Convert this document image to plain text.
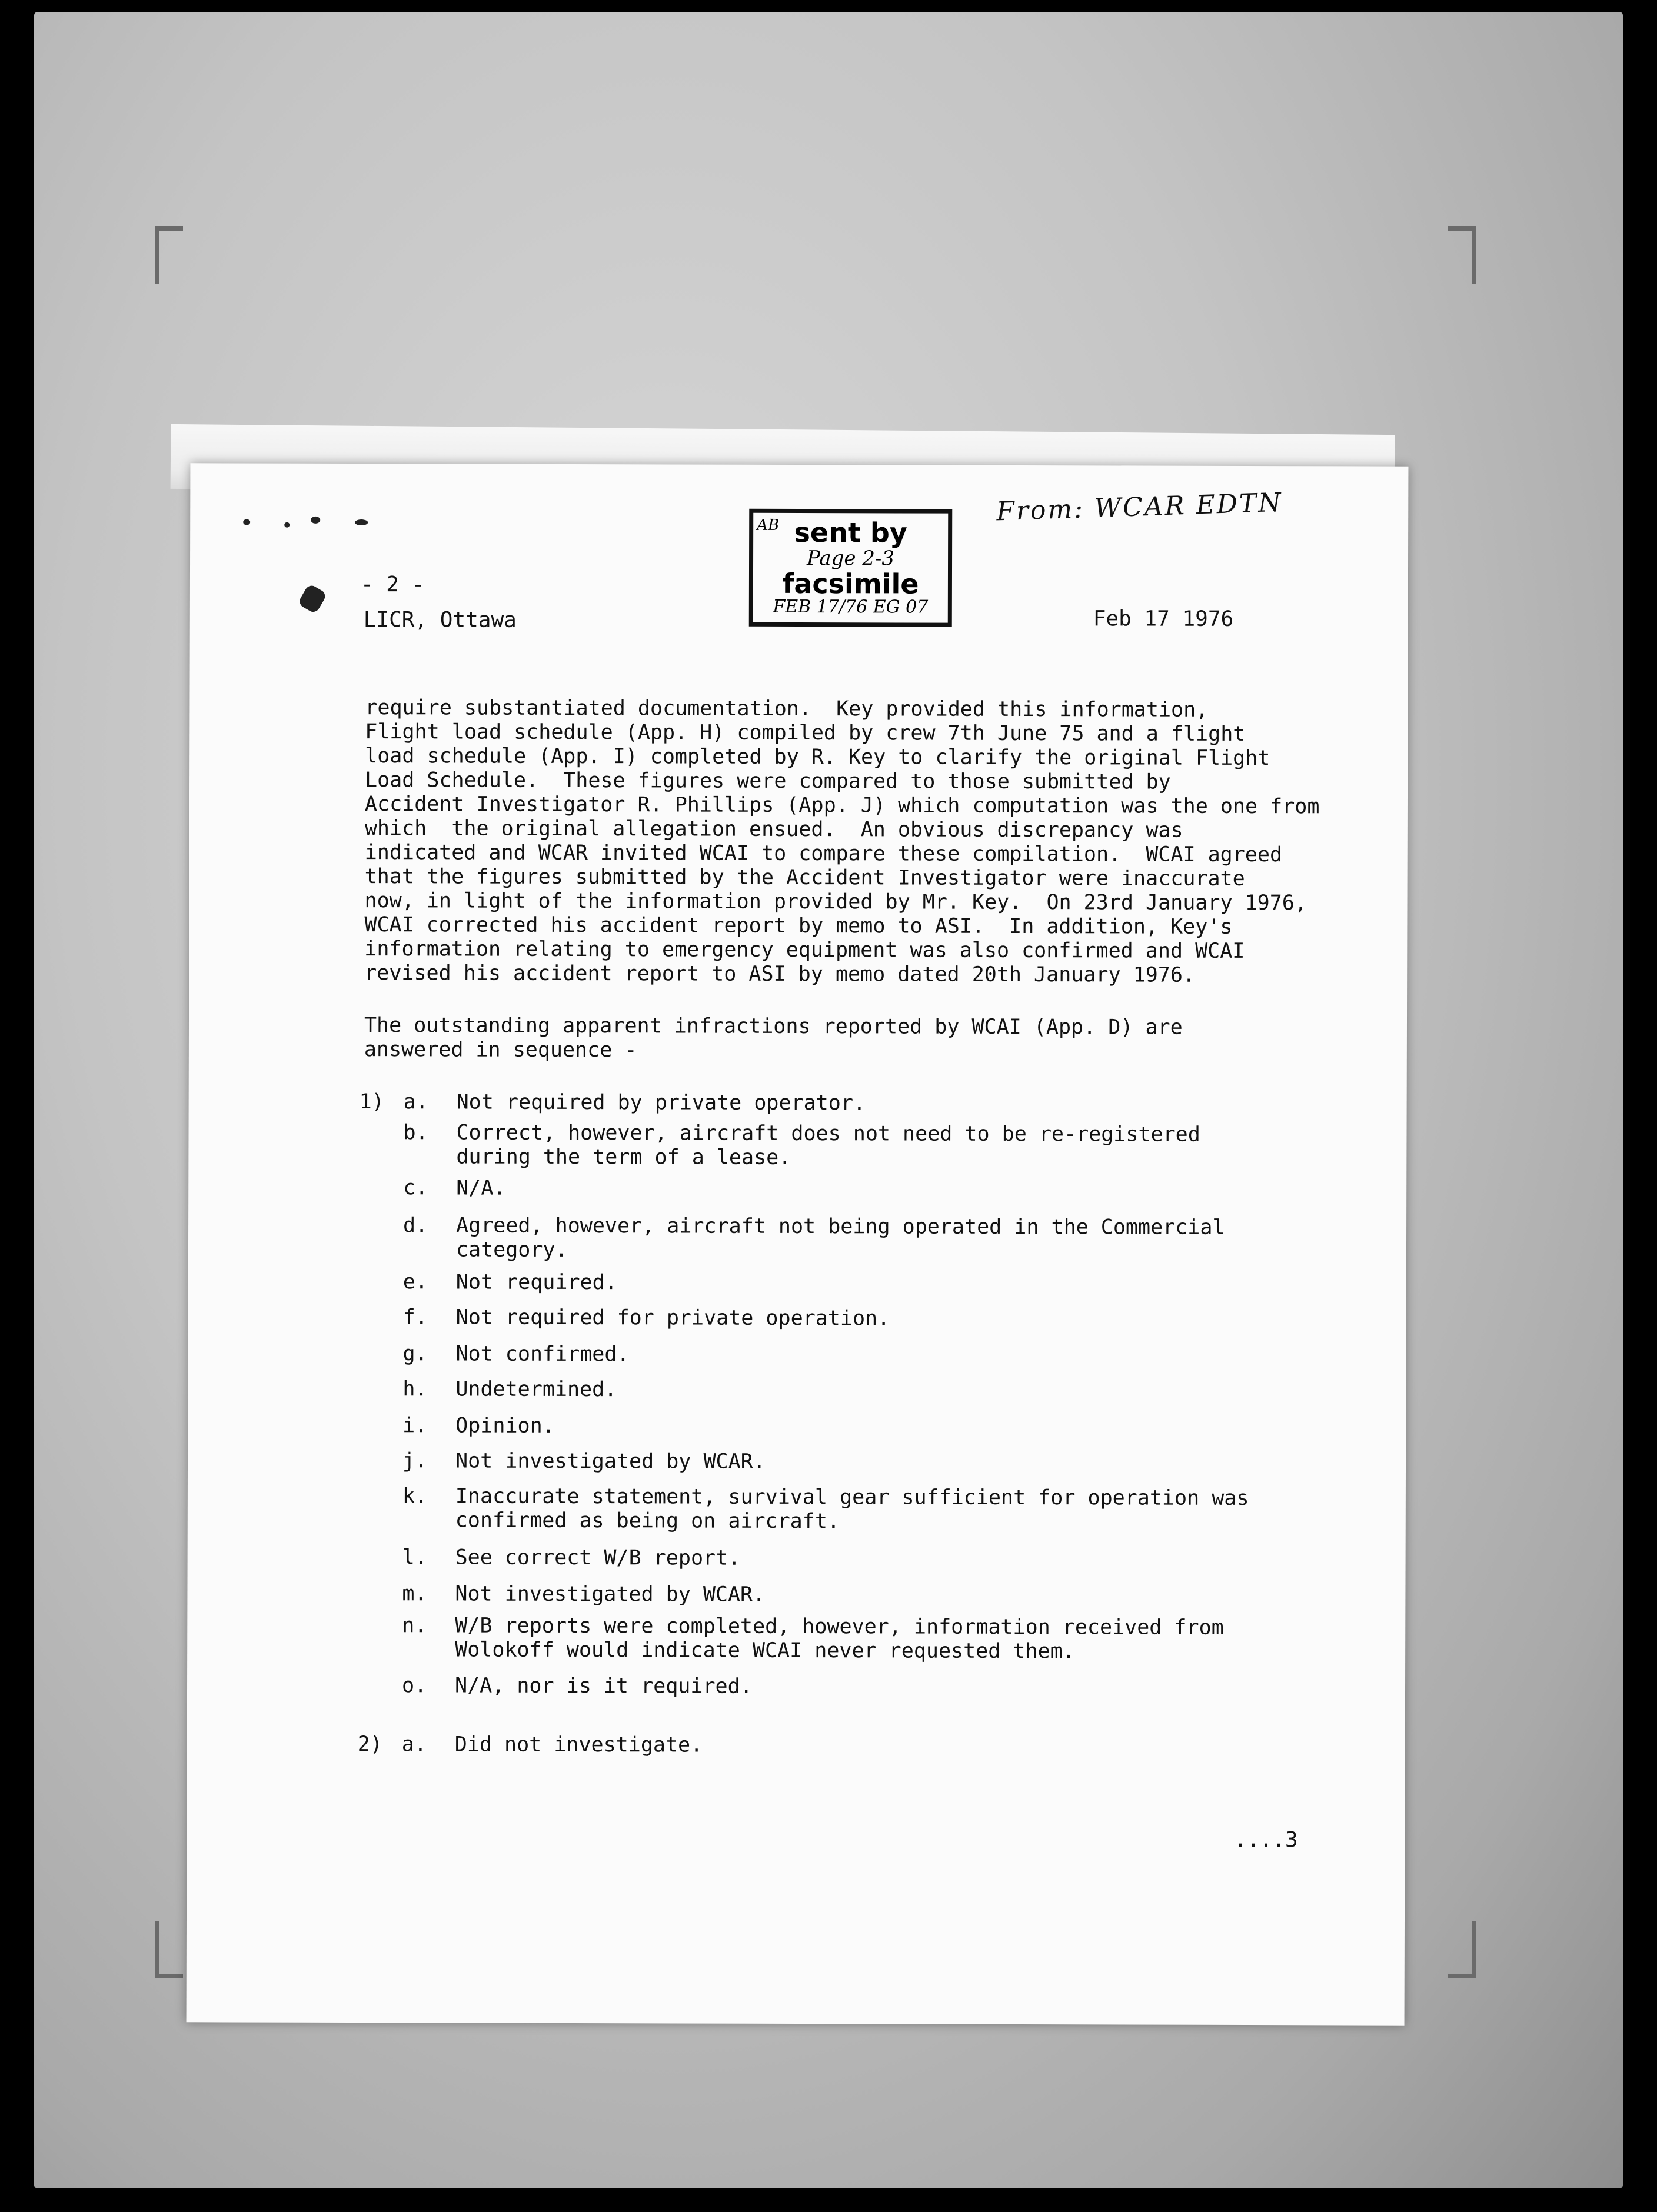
From: WCAR EDTN
AB sent by
Page 2-3
facsimile
FEB 17/76 EG 07
- 2 -
LICR, Ottawa	Feb 17 1976
require substantiated documentation.  Key provided this information,
Flight load schedule (App. H) compiled by crew 7th June 75 and a flight
load schedule (App. I) completed by R. Key to clarify the original Flight
Load Schedule.  These figures were compared to those submitted by
Accident Investigator R. Phillips (App. J) which computation was the one from
which  the original allegation ensued.  An obvious discrepancy was
indicated and WCAR invited WCAI to compare these compilation.  WCAI agreed
that the figures submitted by the Accident Investigator were inaccurate
now, in light of the information provided by Mr. Key.  On 23rd January 1976,
WCAI corrected his accident report by memo to ASI.  In addition, Key's
information relating to emergency equipment was also confirmed and WCAI
revised his accident report to ASI by memo dated 20th January 1976.
The outstanding apparent infractions reported by WCAI (App. D) are
answered in sequence -
1) a. Not required by private operator.
b. Correct, however, aircraft does not need to be re-registered
during the term of a lease.
c. N/A.
d. Agreed, however, aircraft not being operated in the Commercial
category.
e. Not required.
f. Not required for private operation.
g. Not confirmed.
h. Undetermined.
i. Opinion.
j. Not investigated by WCAR.
k. Inaccurate statement, survival gear sufficient for operation was
confirmed as being on aircraft.
l. See correct W/B report.
m. Not investigated by WCAR.
n. W/B reports were completed, however, information received from
Wolokoff would indicate WCAI never requested them.
o. N/A, nor is it required.
2) a. Did not investigate.
....3
